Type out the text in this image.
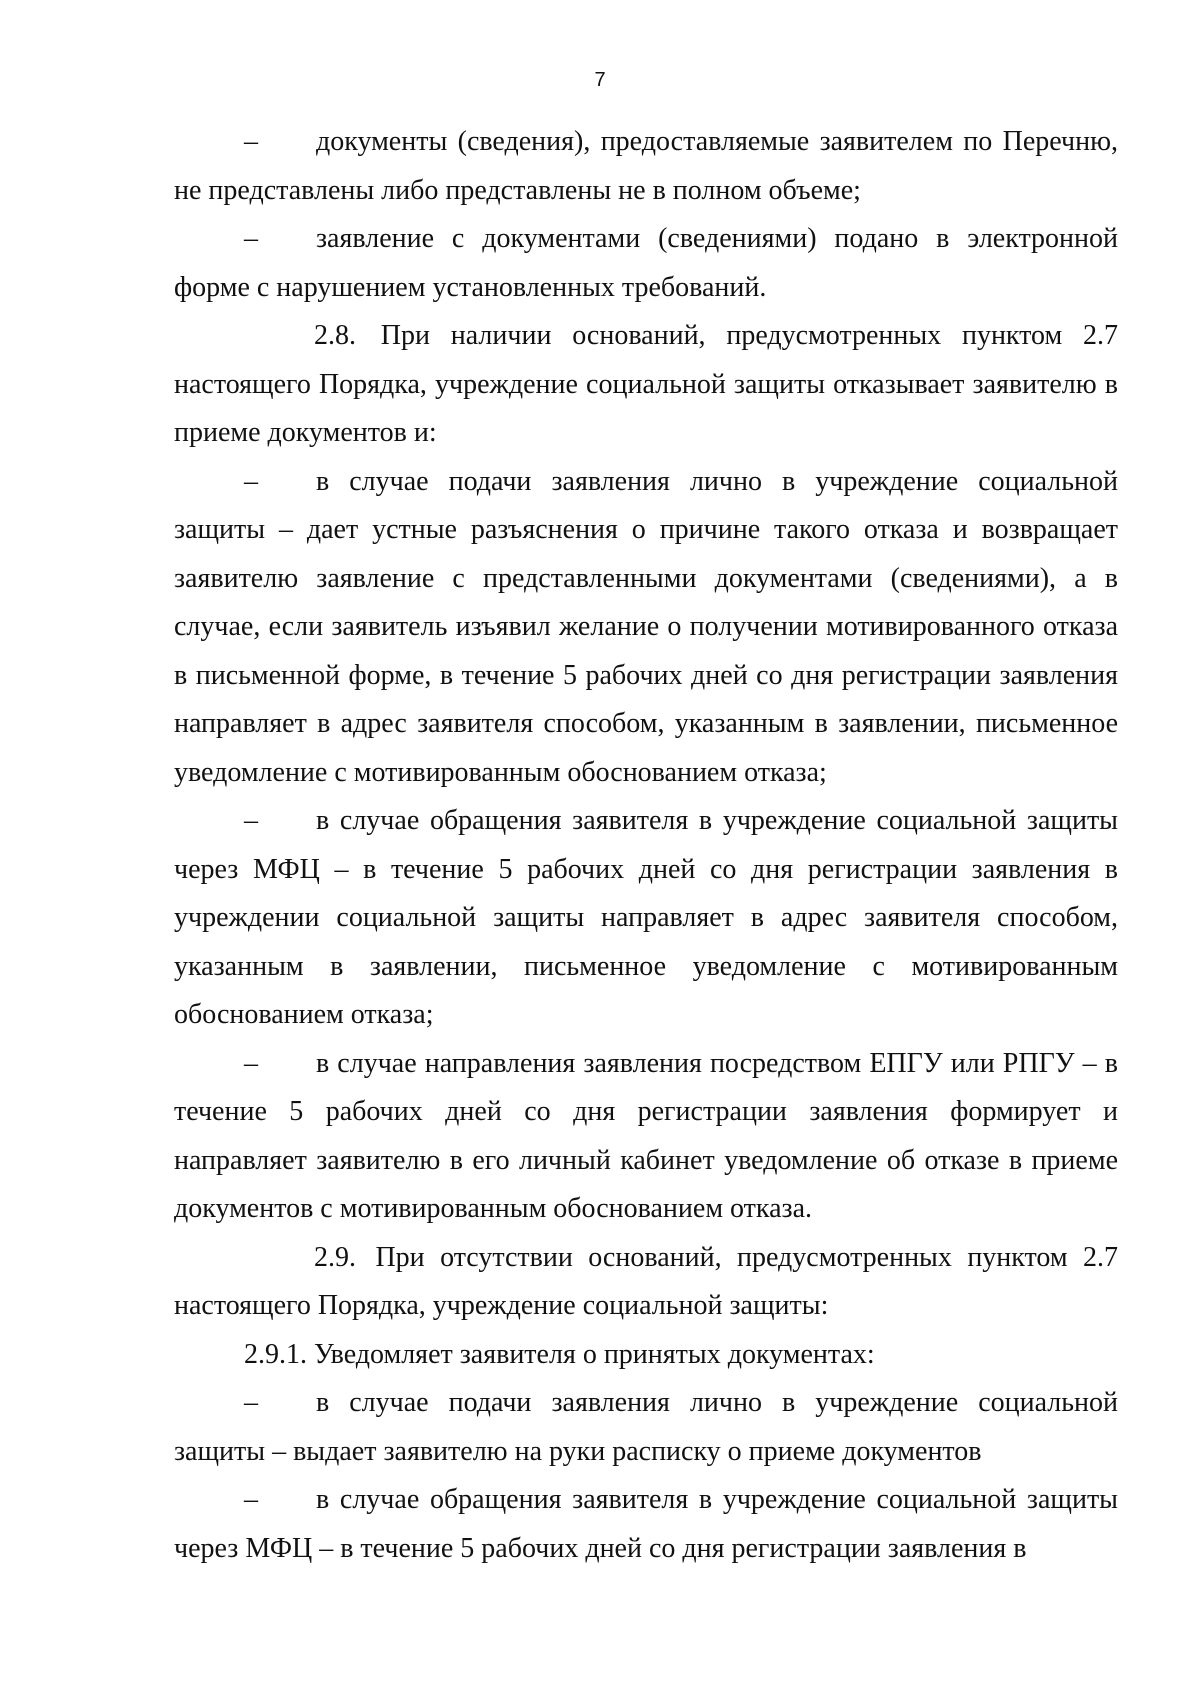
7

– документы (сведения), предоставляемые заявителем по Перечню, не представлены либо представлены не в полном объеме;

– заявление с документами (сведениями) подано в электронной форме с нарушением установленных требований.

2.8. При наличии оснований, предусмотренных пунктом 2.7 настоящего Порядка, учреждение социальной защиты отказывает заявителю в приеме документов и:

– в случае подачи заявления лично в учреждение социальной защиты – дает устные разъяснения о причине такого отказа и возвращает заявителю заявление с представленными документами (сведениями), а в случае, если заявитель изъявил желание о получении мотивированного отказа в письменной форме, в течение 5 рабочих дней со дня регистрации заявления направляет в адрес заявителя способом, указанным в заявлении, письменное уведомление с мотивированным обоснованием отказа;

– в случае обращения заявителя в учреждение социальной защиты через МФЦ – в течение 5 рабочих дней со дня регистрации заявления в учреждении социальной защиты направляет в адрес заявителя способом, указанным в заявлении, письменное уведомление с мотивированным обоснованием отказа;

– в случае направления заявления посредством ЕПГУ или РПГУ – в течение 5 рабочих дней со дня регистрации заявления формирует и направляет заявителю в его личный кабинет уведомление об отказе в приеме документов с мотивированным обоснованием отказа.

2.9. При отсутствии оснований, предусмотренных пунктом 2.7 настоящего Порядка, учреждение социальной защиты:

2.9.1. Уведомляет заявителя о принятых документах:

– в случае подачи заявления лично в учреждение социальной защиты – выдает заявителю на руки расписку о приеме документов

– в случае обращения заявителя в учреждение социальной защиты через МФЦ – в течение 5 рабочих дней со дня регистрации заявления в
